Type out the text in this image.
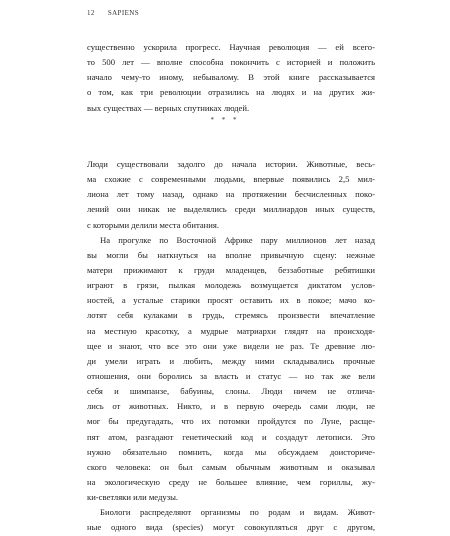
12 SAPIENS
существенно ускорила прогресс. Научная революция — ей всего-
то 500 лет — вполне способна покончить с историей и положить
начало чему-то иному, небывалому. В этой книге рассказывается
о том, как три революции отразились на людях и на других жи-
вых существах — верных спутниках людей.
* * *
Люди существовали задолго до начала истории. Животные, весь-
ма схожие с современными людьми, впервые появились 2,5 мил-
лиона лет тому назад, однако на протяжении бесчисленных поко-
лений они никак не выделялись среди миллиардов иных существ,
с которыми делили места обитания.
На прогулке по Восточной Африке пару миллионов лет назад
вы могли бы наткнуться на вполне привычную сцену: нежные
матери прижимают к груди младенцев, беззаботные ребятишки
играют в грязи, пылкая молодежь возмущается диктатом услов-
ностей, а усталые старики просят оставить их в покое; мачо ко-
лотят себя кулаками в грудь, стремясь произвести впечатление
на местную красотку, а мудрые матриархи глядят на происходя-
щее и знают, что все это они уже видели не раз. Те древние лю-
ди умели играть и любить, между ними складывались прочные
отношения, они боролись за власть и статус — но так же вели
себя и шимпанзе, бабуины, слоны. Люди ничем не отлича-
лись от животных. Никто, и в первую очередь сами люди, не
мог бы предугадать, что их потомки пройдутся по Луне, расще-
пят атом, разгадают генетический код и создадут летописи. Это
нужно обязательно помнить, когда мы обсуждаем доисториче-
ского человека: он был самым обычным животным и оказывал
на экологическую среду не большее влияние, чем гориллы, жу-
ки-светляки или медузы.
Биологи распределяют организмы по родам и видам. Живот-
ные одного вида (species) могут совокупляться друг с другом,
